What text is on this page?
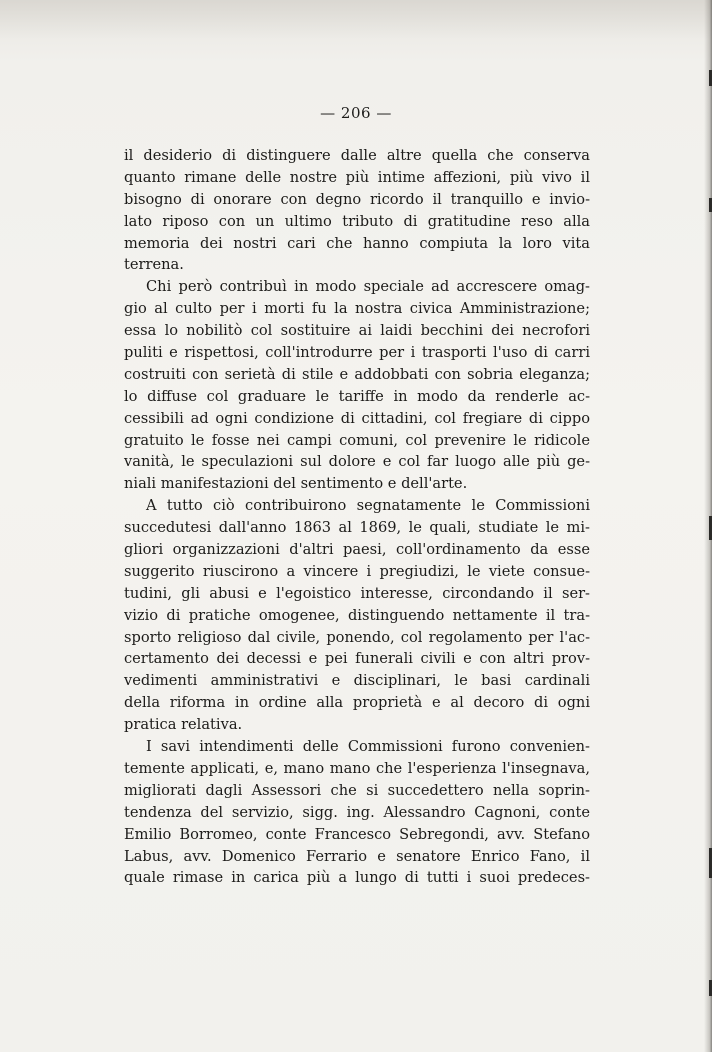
— 206 —
il desiderio di distinguere dalle altre quella che conserva
quanto rimane delle nostre più intime affezioni, più vivo il
bisogno di onorare con degno ricordo il tranquillo e invio-
lato riposo con un ultimo tributo di gratitudine reso alla
memoria dei nostri cari che hanno compiuta la loro vita
terrena.
Chi però contribuì in modo speciale ad accrescere omag-
gio al culto per i morti fu la nostra civica Amministrazione;
essa lo nobilitò col sostituire ai laidi becchini dei necrofori
puliti e rispettosi, coll'introdurre per i trasporti l'uso di carri
costruiti con serietà di stile e addobbati con sobria eleganza;
lo diffuse col graduare le tariffe in modo da renderle ac-
cessibili ad ogni condizione di cittadini, col fregiare di cippo
gratuito le fosse nei campi comuni, col prevenire le ridicole
vanità, le speculazioni sul dolore e col far luogo alle più ge-
niali manifestazioni del sentimento e dell'arte.
A tutto ciò contribuirono segnatamente le Commissioni
succedutesi dall'anno 1863 al 1869, le quali, studiate le mi-
gliori organizzazioni d'altri paesi, coll'ordinamento da esse
suggerito riuscirono a vincere i pregiudizi, le viete consue-
tudini, gli abusi e l'egoistico interesse, circondando il ser-
vizio di pratiche omogenee, distinguendo nettamente il tra-
sporto religioso dal civile, ponendo, col regolamento per l'ac-
certamento dei decessi e pei funerali civili e con altri prov-
vedimenti amministrativi e disciplinari, le basi cardinali
della riforma in ordine alla proprietà e al decoro di ogni
pratica relativa.
I savi intendimenti delle Commissioni furono convenien-
temente applicati, e, mano mano che l'esperienza l'insegnava,
migliorati dagli Assessori che si succedettero nella soprin-
tendenza del servizio, sigg. ing. Alessandro Cagnoni, conte
Emilio Borromeo, conte Francesco Sebregondi, avv. Stefano
Labus, avv. Domenico Ferrario e senatore Enrico Fano, il
quale rimase in carica più a lungo di tutti i suoi predeces-
